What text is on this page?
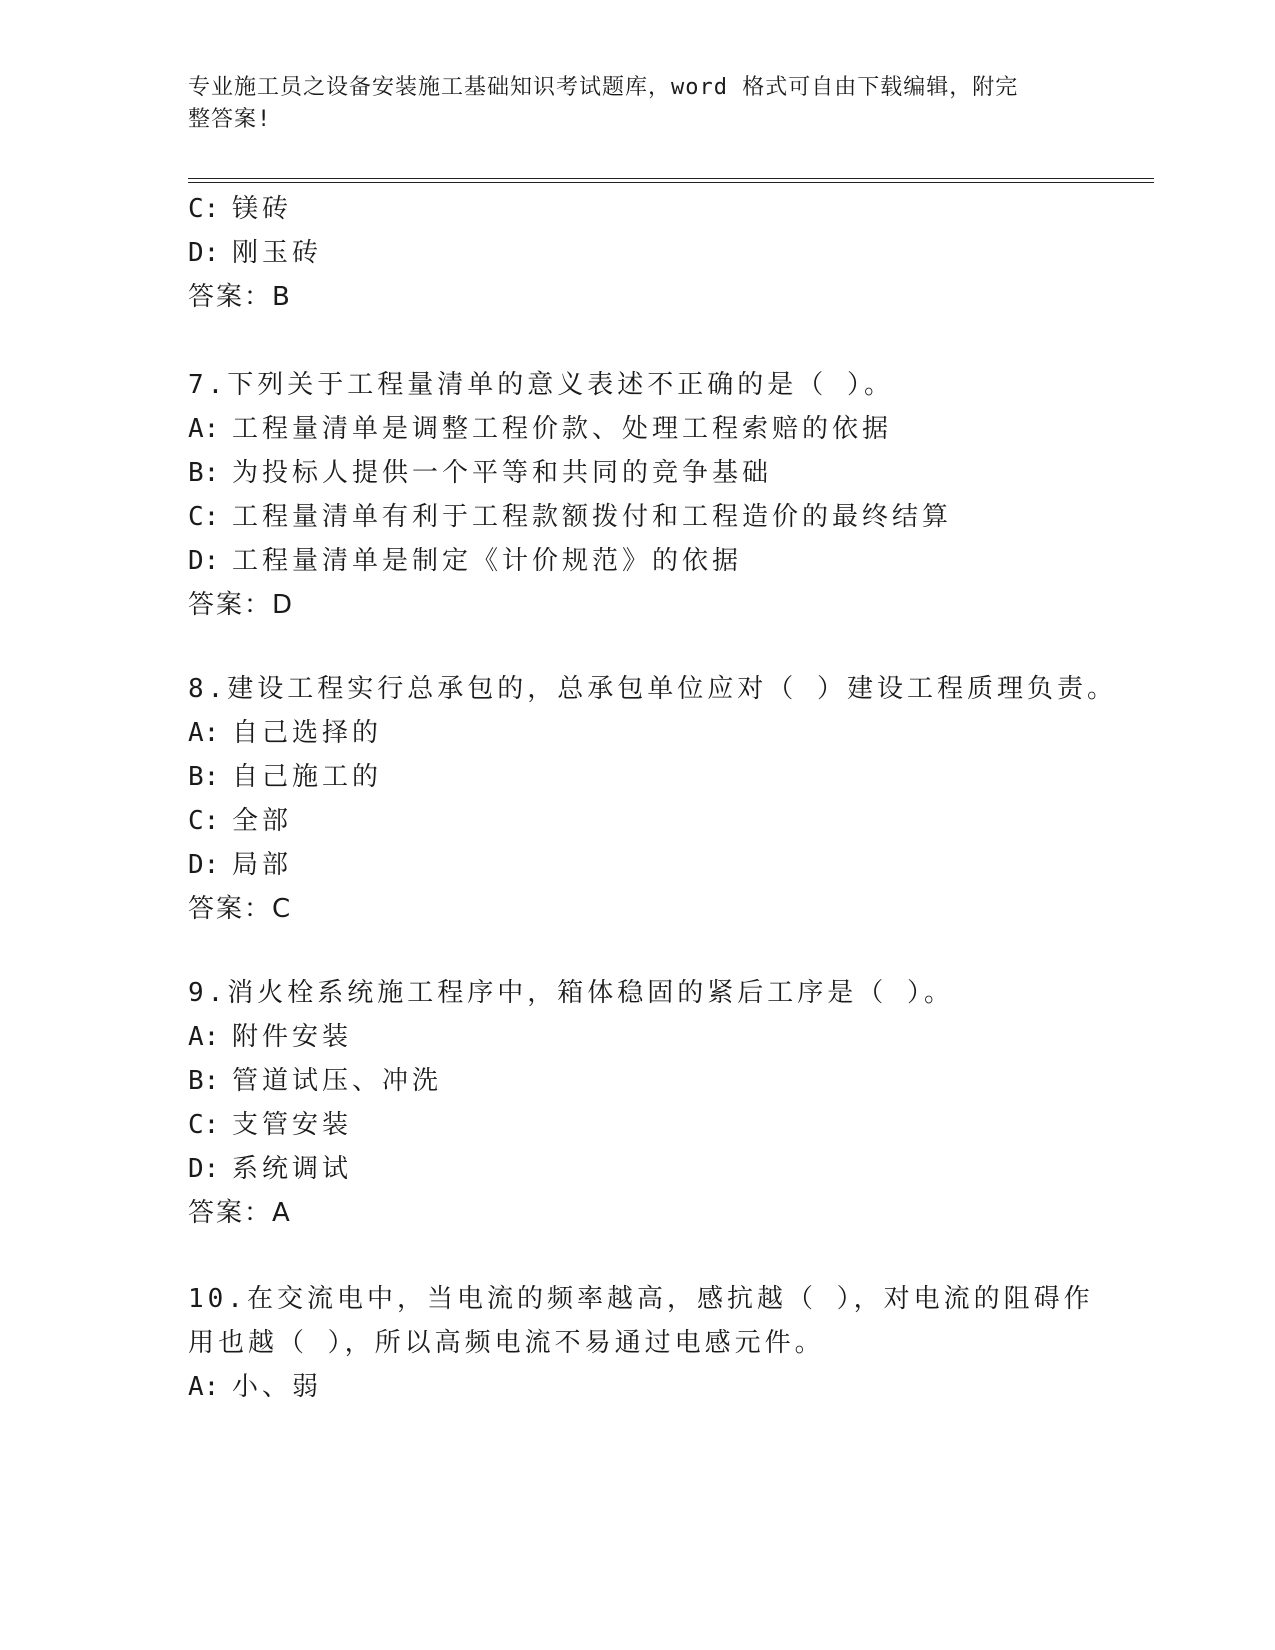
专业施工员之设备安装施工基础知识考试题库，word 格式可自由下载编辑，附完
整答案!
C: 镁砖
D: 刚玉砖
答案：B
7.下列关于工程量清单的意义表述不正确的是（ ）。
A: 工程量清单是调整工程价款、处理工程索赔的依据
B: 为投标人提供一个平等和共同的竞争基础
C: 工程量清单有利于工程款额拨付和工程造价的最终结算
D: 工程量清单是制定《计价规范》的依据
答案：D
8.建设工程实行总承包的，总承包单位应对（ ）建设工程质理负责。
A: 自己选择的
B: 自己施工的
C: 全部
D: 局部
答案：C
9.消火栓系统施工程序中，箱体稳固的紧后工序是（ ）。
A: 附件安装
B: 管道试压、冲洗
C: 支管安装
D: 系统调试
答案：A
10.在交流电中，当电流的频率越高，感抗越（ ），对电流的阻碍作
用也越（ ），所以高频电流不易通过电感元件。
A: 小、弱
